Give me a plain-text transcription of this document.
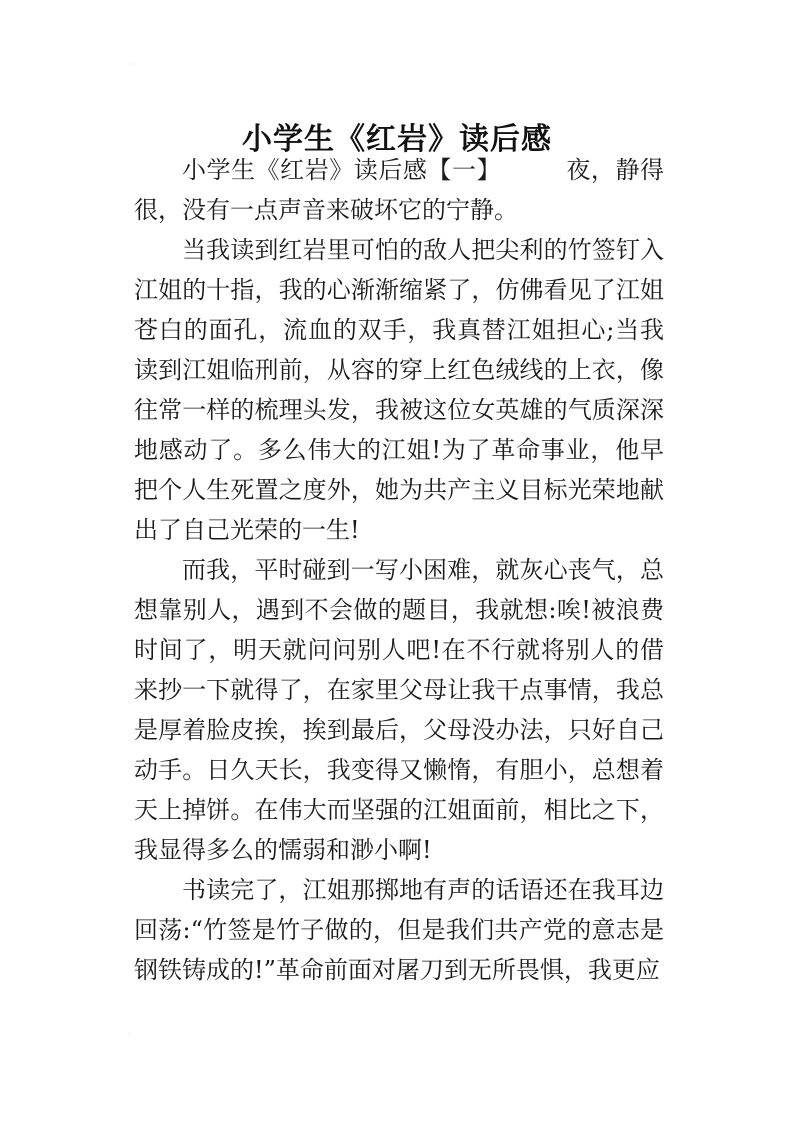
·
小学生《红岩》读后感

小学生《红岩》读后感【一】	夜，静得很，没有一点声音来破坏它的宁静。

当我读到红岩里可怕的敌人把尖利的竹签钉入江姐的十指，我的心渐渐缩紧了，仿佛看见了江姐苍白的面孔，流血的双手，我真替江姐担心;当我读到江姐临刑前，从容的穿上红色绒线的上衣，像往常一样的梳理头发，我被这位女英雄的气质深深地感动了。多么伟大的江姐!为了革命事业，他早把个人生死置之度外，她为共产主义目标光荣地献出了自己光荣的一生!

而我，平时碰到一写小困难，就灰心丧气，总想靠别人，遇到不会做的题目，我就想:唉!被浪费时间了，明天就问问别人吧!在不行就将别人的借来抄一下就得了，在家里父母让我干点事情，我总是厚着脸皮挨，挨到最后，父母没办法，只好自己动手。日久天长，我变得又懒惰，有胆小，总想着天上掉饼。在伟大而坚强的江姐面前，相比之下，我显得多么的懦弱和渺小啊!

书读完了，江姐那掷地有声的话语还在我耳边回荡:“竹签是竹子做的，但是我们共产党的意志是钢铁铸成的!”革命前面对屠刀到无所畏惧，我更应

·
